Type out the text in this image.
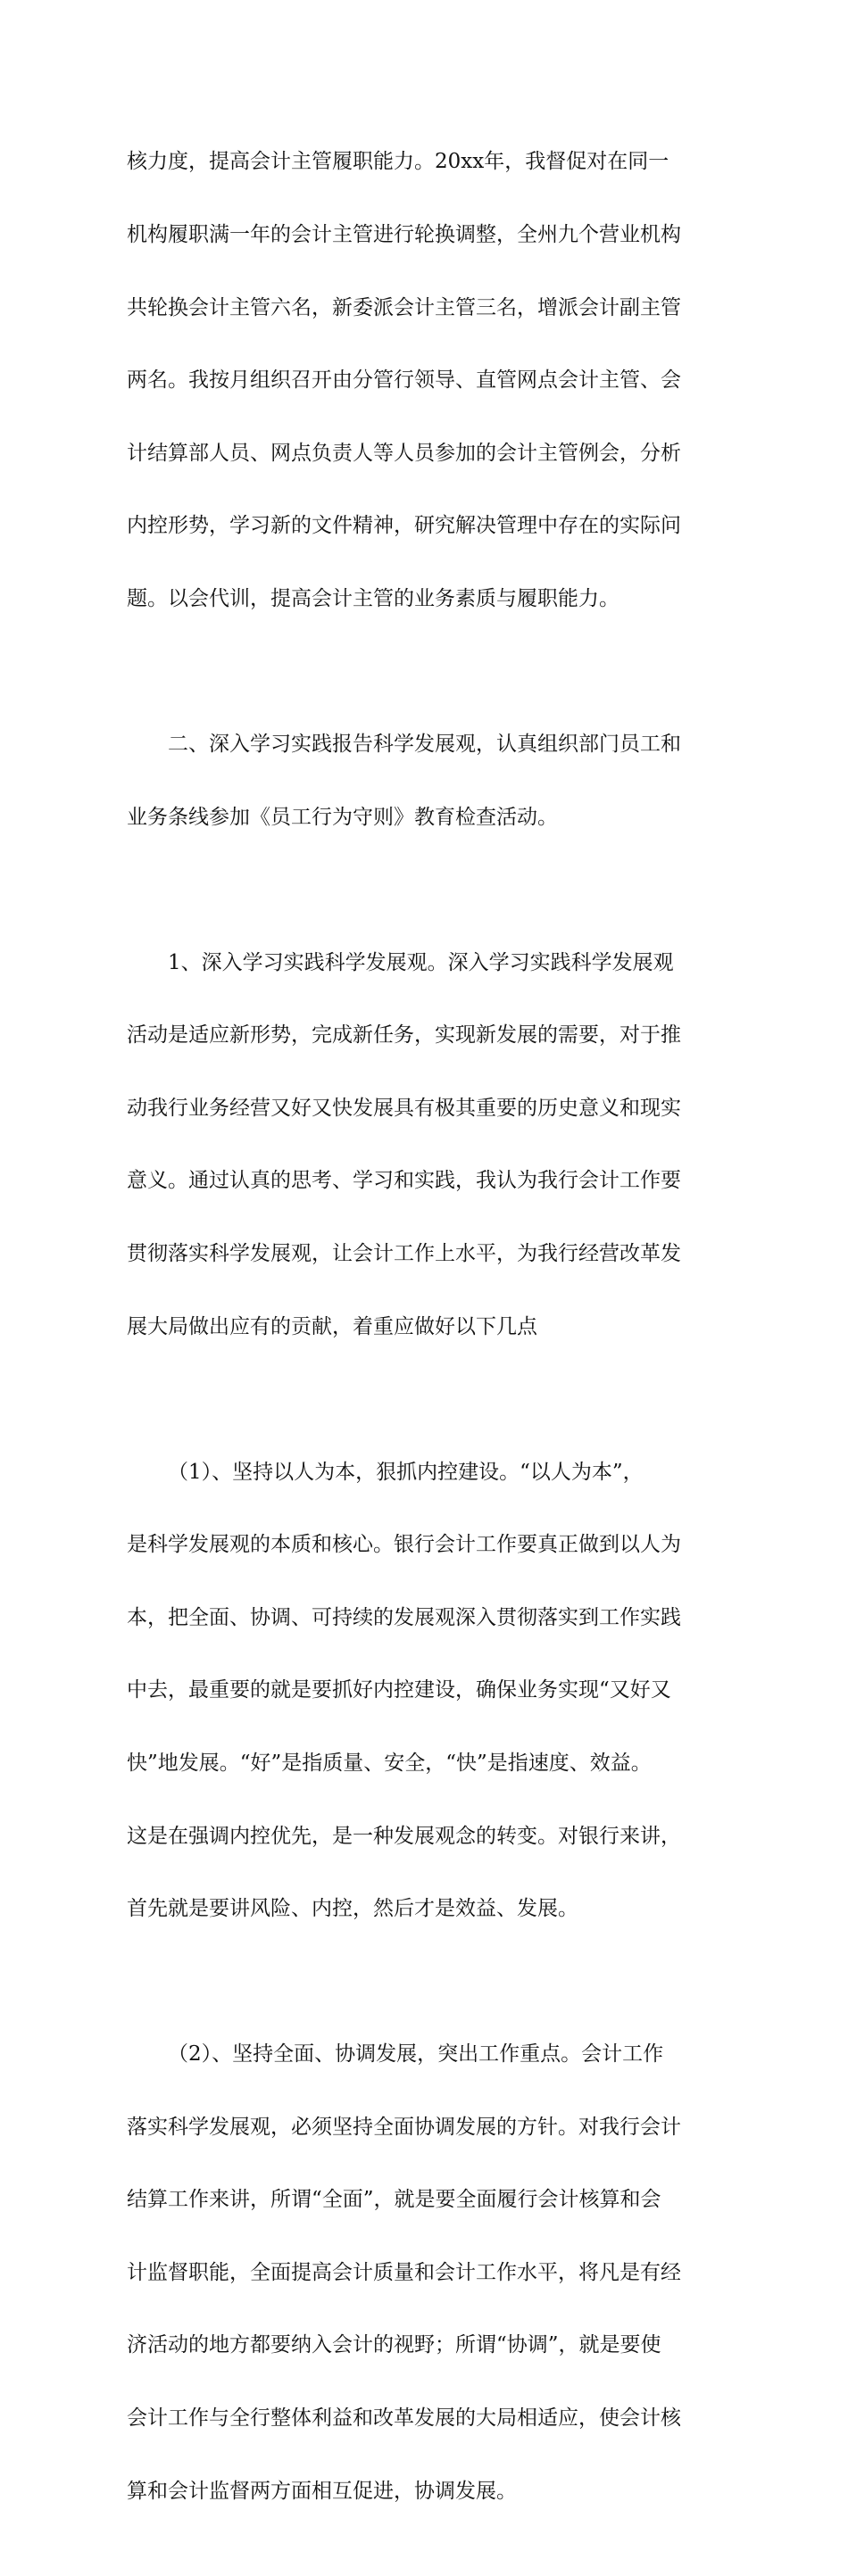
核力度，提高会计主管履职能力。20xx年，我督促对在同一

机构履职满一年的会计主管进行轮换调整，全州九个营业机构

共轮换会计主管六名，新委派会计主管三名，增派会计副主管

两名。我按月组织召开由分管行领导、直管网点会计主管、会

计结算部人员、网点负责人等人员参加的会计主管例会，分析

内控形势，学习新的文件精神，研究解决管理中存在的实际问

题。以会代训，提高会计主管的业务素质与履职能力。

二、深入学习实践报告科学发展观，认真组织部门员工和

业务条线参加《员工行为守则》教育检查活动。

1、深入学习实践科学发展观。深入学习实践科学发展观

活动是适应新形势，完成新任务，实现新发展的需要，对于推

动我行业务经营又好又快发展具有极其重要的历史意义和现实

意义。通过认真的思考、学习和实践，我认为我行会计工作要

贯彻落实科学发展观，让会计工作上水平，为我行经营改革发

展大局做出应有的贡献，着重应做好以下几点

（1）、坚持以人为本，狠抓内控建设。“以人为本”，

是科学发展观的本质和核心。银行会计工作要真正做到以人为

本，把全面、协调、可持续的发展观深入贯彻落实到工作实践

中去，最重要的就是要抓好内控建设，确保业务实现“又好又

快”地发展。“好”是指质量、安全，“快”是指速度、效益。

这是在强调内控优先，是一种发展观念的转变。对银行来讲，

首先就是要讲风险、内控，然后才是效益、发展。

（2）、坚持全面、协调发展，突出工作重点。会计工作

落实科学发展观，必须坚持全面协调发展的方针。对我行会计

结算工作来讲，所谓“全面”，就是要全面履行会计核算和会

计监督职能，全面提高会计质量和会计工作水平，将凡是有经

济活动的地方都要纳入会计的视野；所谓“协调”，就是要使

会计工作与全行整体利益和改革发展的大局相适应，使会计核

算和会计监督两方面相互促进，协调发展。
